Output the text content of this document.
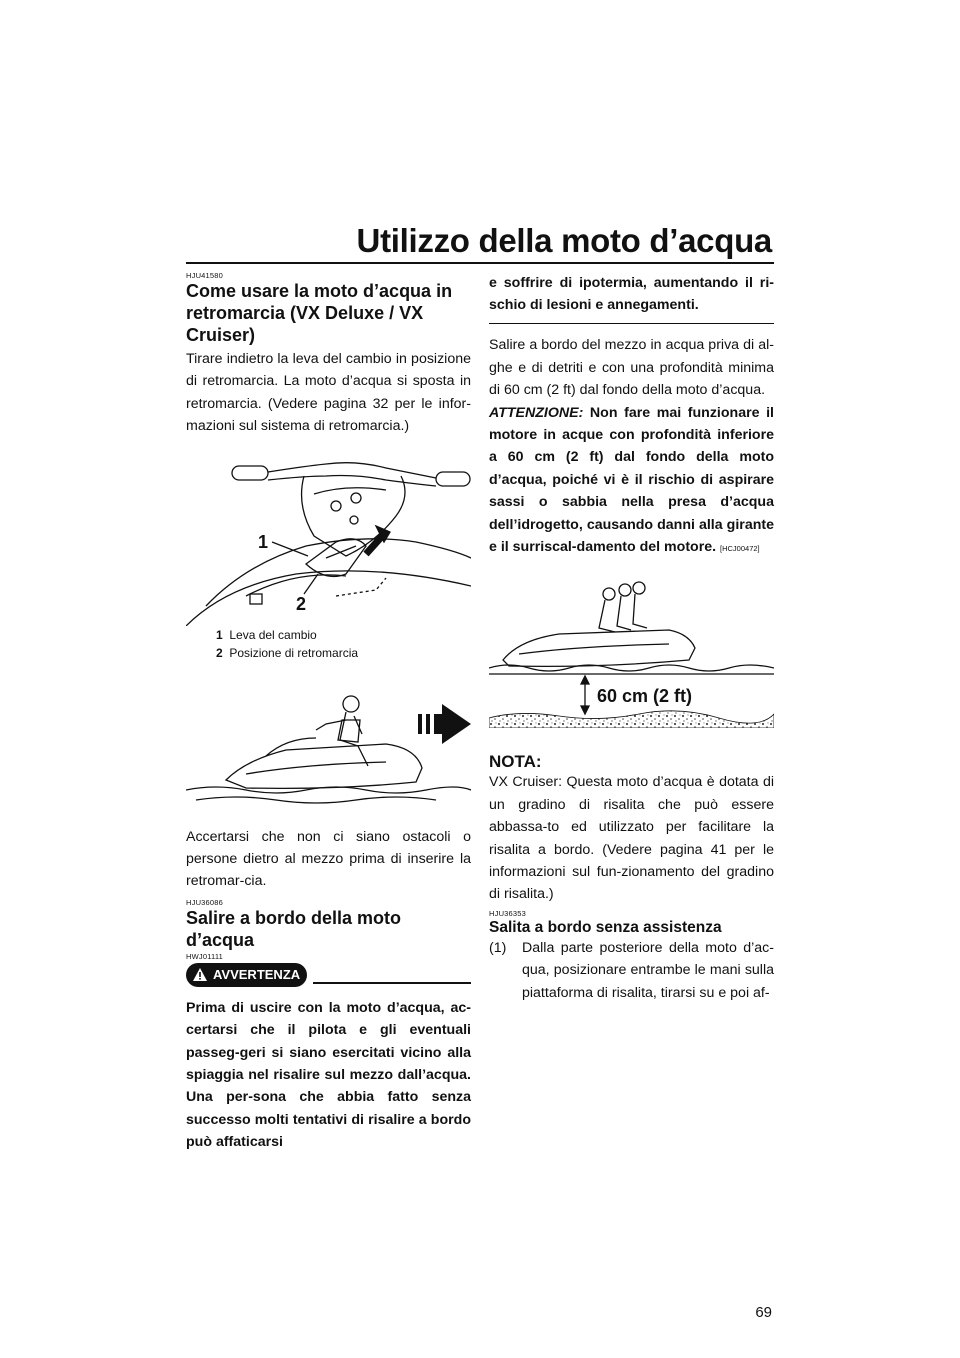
Utilizzo della moto d’acqua
HJU41580
Come usare la moto d’acqua in retromarcia (VX Deluxe / VX Cruiser)

Tirare indietro la leva del cambio in posizione di retromarcia. La moto d’acqua si sposta in retromarcia. (Vedere pagina 32 per le infor-mazioni sul sistema di retromarcia.)

1
2
1 Leva del cambio
2 Posizione di retromarcia

Accertarsi che non ci siano ostacoli o persone dietro al mezzo prima di inserire la retromar-cia.

HJU36086
Salire a bordo della moto d’acqua
HWJ01111
AVVERTENZA

Prima di uscire con la moto d’acqua, ac-certarsi che il pilota e gli eventuali passeg-geri si siano esercitati vicino alla spiaggia nel risalire sul mezzo dall’acqua. Una per-sona che abbia fatto senza successo molti tentativi di risalire a bordo può affaticarsi

e soffrire di ipotermia, aumentando il ri-schio di lesioni e annegamenti.

Salire a bordo del mezzo in acqua priva di al-ghe e di detriti e con una profondità minima di 60 cm (2 ft) dal fondo della moto d’acqua.

ATTENZIONE: Non fare mai funzionare il motore in acque con profondità inferiore a 60 cm (2 ft) dal fondo della moto d’acqua, poiché vi è il rischio di aspirare sassi o sabbia nella presa d’acqua dell’idrogetto, causando danni alla girante e il surriscal-damento del motore. [HCJ00472]

60 cm (2 ft)
NOTA:

VX Cruiser: Questa moto d’acqua è dotata di un gradino di risalita che può essere abbassa-to ed utilizzato per facilitare la risalita a bordo. (Vedere pagina 41 per le informazioni sul fun-zionamento del gradino di risalita.)

HJU36353
Salita a bordo senza assistenza
(1)	Dalla parte posteriore della moto d’ac-qua, posizionare entrambe le mani sulla piattaforma di risalita, tirarsi su e poi af-
69
